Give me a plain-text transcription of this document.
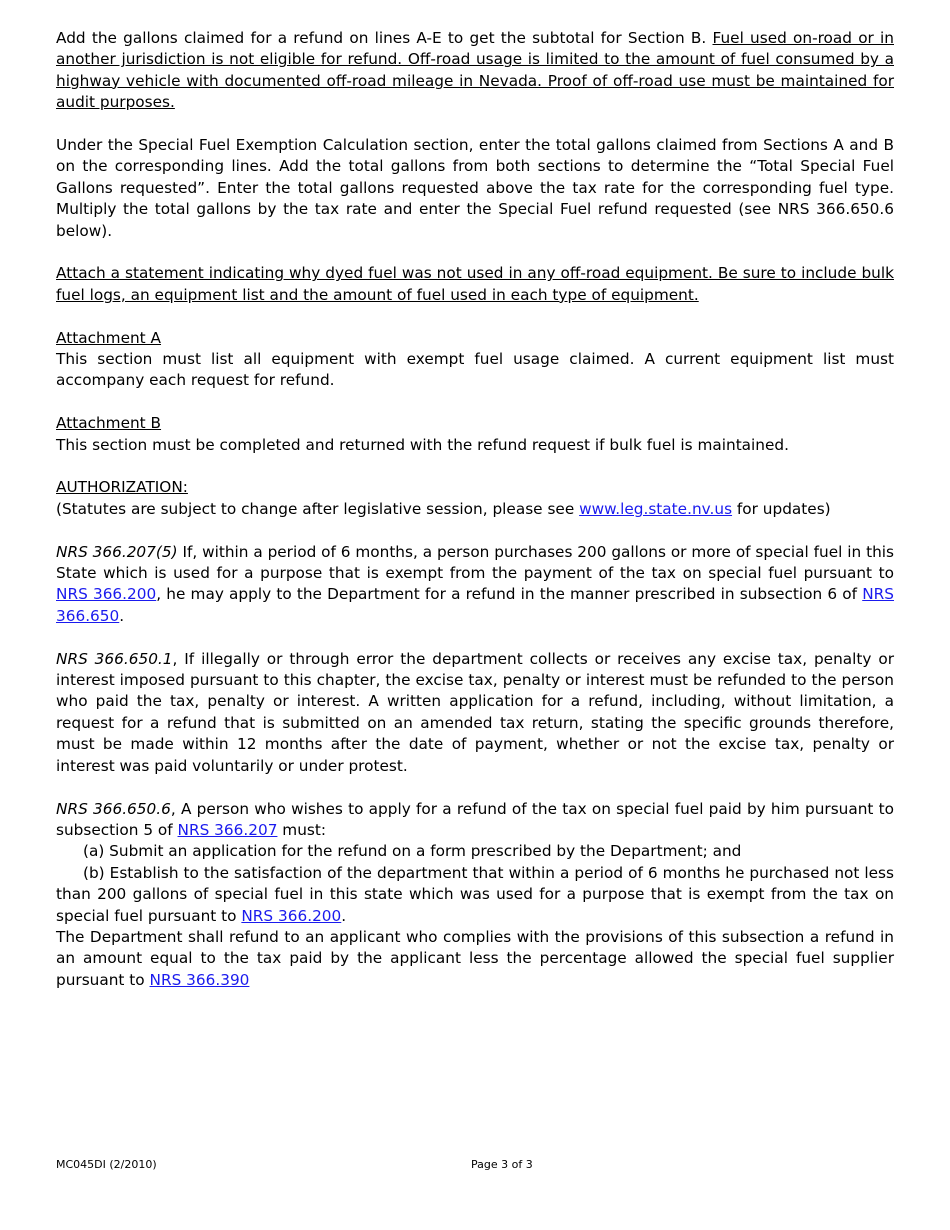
Add the gallons claimed for a refund on lines A-E to get the subtotal for Section B. Fuel used on-road or in another jurisdiction is not eligible for refund. Off-road usage is limited to the amount of fuel consumed by a highway vehicle with documented off-road mileage in Nevada. Proof of off-road use must be maintained for audit purposes.

Under the Special Fuel Exemption Calculation section, enter the total gallons claimed from Sections A and B on the corresponding lines. Add the total gallons from both sections to determine the “Total Special Fuel Gallons requested”. Enter the total gallons requested above the tax rate for the corresponding fuel type. Multiply the total gallons by the tax rate and enter the Special Fuel refund requested (see NRS 366.650.6 below).

Attach a statement indicating why dyed fuel was not used in any off-road equipment. Be sure to include bulk fuel logs, an equipment list and the amount of fuel used in each type of equipment.

Attachment A
This section must list all equipment with exempt fuel usage claimed. A current equipment list must accompany each request for refund.

Attachment B
This section must be completed and returned with the refund request if bulk fuel is maintained.

AUTHORIZATION:
(Statutes are subject to change after legislative session, please see www.leg.state.nv.us for updates)

NRS 366.207(5) If, within a period of 6 months, a person purchases 200 gallons or more of special fuel in this State which is used for a purpose that is exempt from the payment of the tax on special fuel pursuant to NRS 366.200, he may apply to the Department for a refund in the manner prescribed in subsection 6 of NRS 366.650.

NRS 366.650.1, If illegally or through error the department collects or receives any excise tax, penalty or interest imposed pursuant to this chapter, the excise tax, penalty or interest must be refunded to the person who paid the tax, penalty or interest. A written application for a refund, including, without limitation, a request for a refund that is submitted on an amended tax return, stating the specific grounds therefore, must be made within 12 months after the date of payment, whether or not the excise tax, penalty or interest was paid voluntarily or under protest.

NRS 366.650.6, A person who wishes to apply for a refund of the tax on special fuel paid by him pursuant to subsection 5 of NRS 366.207 must:
(a) Submit an application for the refund on a form prescribed by the Department; and
(b) Establish to the satisfaction of the department that within a period of 6 months he purchased not less than 200 gallons of special fuel in this state which was used for a purpose that is exempt from the tax on special fuel pursuant to NRS 366.200.
The Department shall refund to an applicant who complies with the provisions of this subsection a refund in an amount equal to the tax paid by the applicant less the percentage allowed the special fuel supplier pursuant to NRS 366.390

MC045DI (2/2010)	Page 3 of 3
